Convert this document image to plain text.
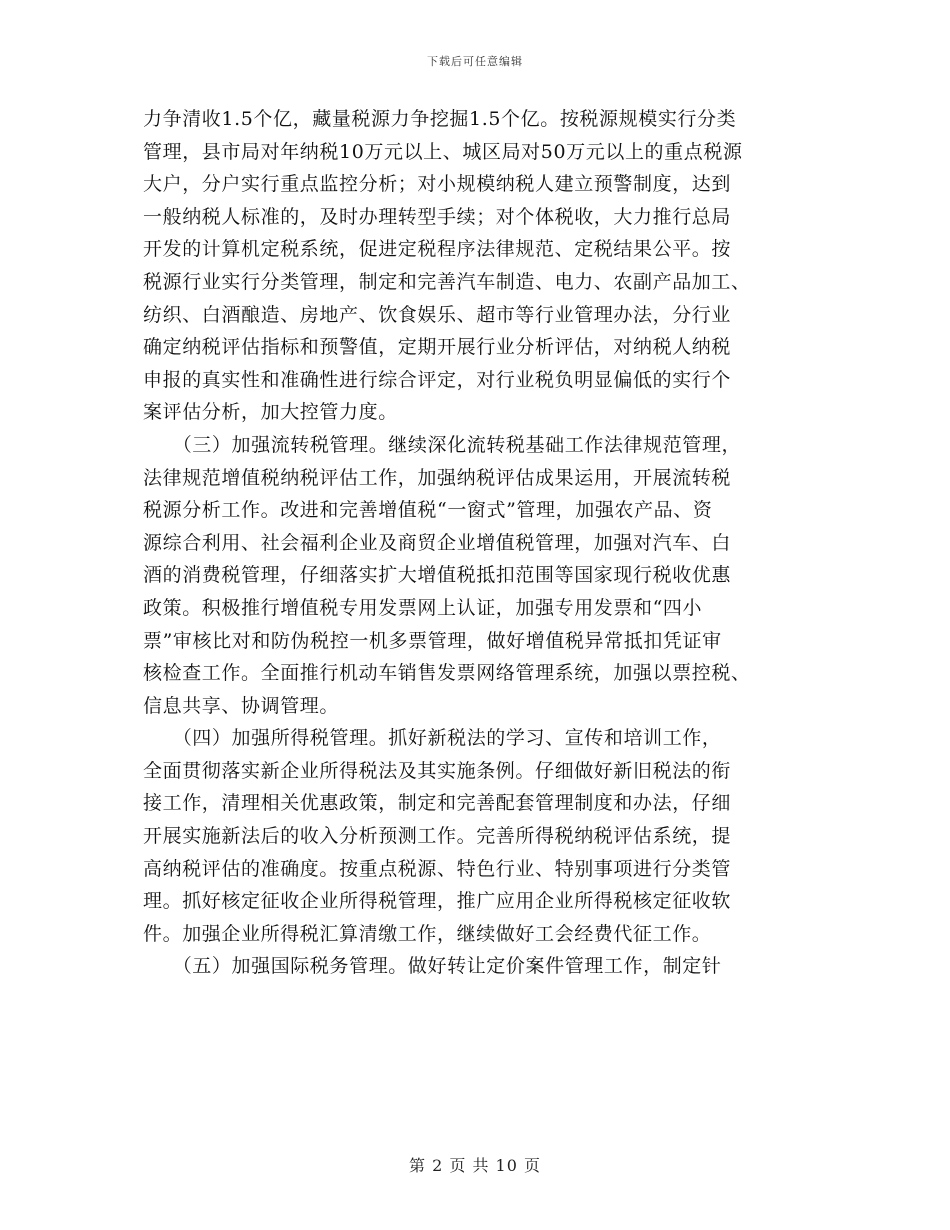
下载后可任意编辑
力争清收1.5个亿，藏量税源力争挖掘1.5个亿。按税源规模实行分类
管理，县市局对年纳税10万元以上、城区局对50万元以上的重点税源
大户，分户实行重点监控分析；对小规模纳税人建立预警制度，达到
一般纳税人标准的，及时办理转型手续；对个体税收，大力推行总局
开发的计算机定税系统，促进定税程序法律规范、定税结果公平。按
税源行业实行分类管理，制定和完善汽车制造、电力、农副产品加工、
纺织、白酒酿造、房地产、饮食娱乐、超市等行业管理办法，分行业
确定纳税评估指标和预警值，定期开展行业分析评估，对纳税人纳税
申报的真实性和准确性进行综合评定，对行业税负明显偏低的实行个
案评估分析，加大控管力度。
　　（三）加强流转税管理。继续深化流转税基础工作法律规范管理，
法律规范增值税纳税评估工作，加强纳税评估成果运用，开展流转税
税源分析工作。改进和完善增值税“一窗式”管理，加强农产品、资
源综合利用、社会福利企业及商贸企业增值税管理，加强对汽车、白
酒的消费税管理，仔细落实扩大增值税抵扣范围等国家现行税收优惠
政策。积极推行增值税专用发票网上认证，加强专用发票和“四小
票”审核比对和防伪税控一机多票管理，做好增值税异常抵扣凭证审
核检查工作。全面推行机动车销售发票网络管理系统，加强以票控税、
信息共享、协调管理。
　　（四）加强所得税管理。抓好新税法的学习、宣传和培训工作，
全面贯彻落实新企业所得税法及其实施条例。仔细做好新旧税法的衔
接工作，清理相关优惠政策，制定和完善配套管理制度和办法，仔细
开展实施新法后的收入分析预测工作。完善所得税纳税评估系统，提
高纳税评估的准确度。按重点税源、特色行业、特别事项进行分类管
理。抓好核定征收企业所得税管理，推广应用企业所得税核定征收软
件。加强企业所得税汇算清缴工作，继续做好工会经费代征工作。
　　（五）加强国际税务管理。做好转让定价案件管理工作，制定针
第 2 页 共 10 页
